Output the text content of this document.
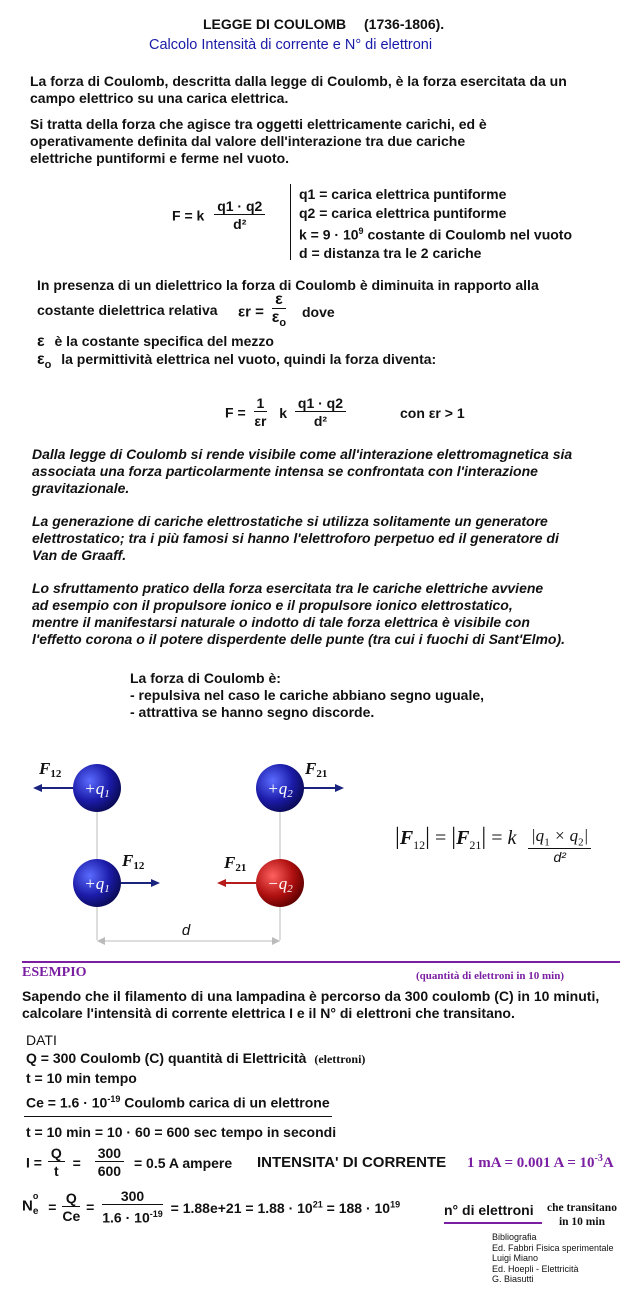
LEGGE DI COULOMB (1736-1806).
Calcolo Intensità di corrente e N° di elettroni
La forza di Coulomb, descritta dalla legge di Coulomb, è la forza esercitata da un
campo elettrico su una carica elettrica.
Si tratta della forza che agisce tra oggetti elettricamente carichi, ed è
operativamente definita dal valore dell'interazione tra due cariche
elettriche puntiformi e ferme nel vuoto.
F = k $\frac{q1 \cdot q2}{\text{d²}}$
q1 = carica elettrica puntiforme
q2 = carica elettrica puntiforme
$k = 9 \cdot 10^9$ costante di Coulomb nel vuoto
d = distanza tra le 2 cariche
In presenza di un dielettrico la forza di Coulomb è diminuita in rapporto alla
costante dielettrica relativa $\varepsilon r = \frac{\varepsilon}{\varepsilon_o}$ dove
ε è la costante specifica del mezzo
$\varepsilon_o$ la permittività elettrica nel vuoto, quindi la forza diventa:
$F = \frac{1}{\varepsilon r}$ k $\frac{q1 \cdot q2}{\text{d²}}$	con εr > 1
Dalla legge di Coulomb si rende visibile come all'interazione elettromagnetica sia
associata una forza particolarmente intensa se confrontata con l'interazione
gravitazionale.
La generazione di cariche elettrostatiche si utilizza solitamente un generatore
elettrostatico; tra i più famosi si hanno l'elettroforo perpetuo ed il generatore di
Van de Graaff.
Lo sfruttamento pratico della forza esercitata tra le cariche elettriche avviene
ad esempio con il propulsore ionico e il propulsore ionico elettrostatico,
mentre il manifestarsi naturale o indotto di tale forza elettrica è visibile con
l'effetto corona o il potere disperdente delle punte (tra cui i fuochi di Sant'Elmo).
La forza di Coulomb è:
- repulsiva nel caso le cariche abbiano segno uguale,
- attrattiva se hanno segno discorde.
d
F12
+q1
F21
+q2
F12
+q1
F21
−q2
$|F_{12}| = |F_{21}| = k$ $|q_1 \times q_2|$
d²
ESEMPIO	(quantità di elettroni in 10 min)
Sapendo che il filamento di una lampadina è percorso da 300 coulomb (C) in 10 minuti,
calcolare l'intensità di corrente elettrica I e il N° di elettroni che transitano.
DATI
Q = 300 Coulomb (C) quantità di Elettricità (elettroni)
t = 10 min tempo
$Ce = 1.6 \cdot 10^{-19}$ Coulomb carica di un elettrone
t = 10 min = 10 · 60 = 600 sec tempo in secondi
$I = \frac{Q}{t} = \frac{300}{600} = 0.5$ A ampere INTENSITA' DI CORRENTE 1 mA = 0.001 $A = 10^{-3}A$
N
o
$_e = \frac{Q}{Ce} = \frac{300}{1.6 \cdot 10^{-19}} = 1.88e+21 = 1.88 \cdot 10^{21} = 188 \cdot 10^{19}$	n° di elettroni che transitano
in 10 min
Bibliografia
Ed. Fabbri Fisica sperimentale
Luigi Miano
Ed. Hoepli - Elettricità
G. Biasutti
